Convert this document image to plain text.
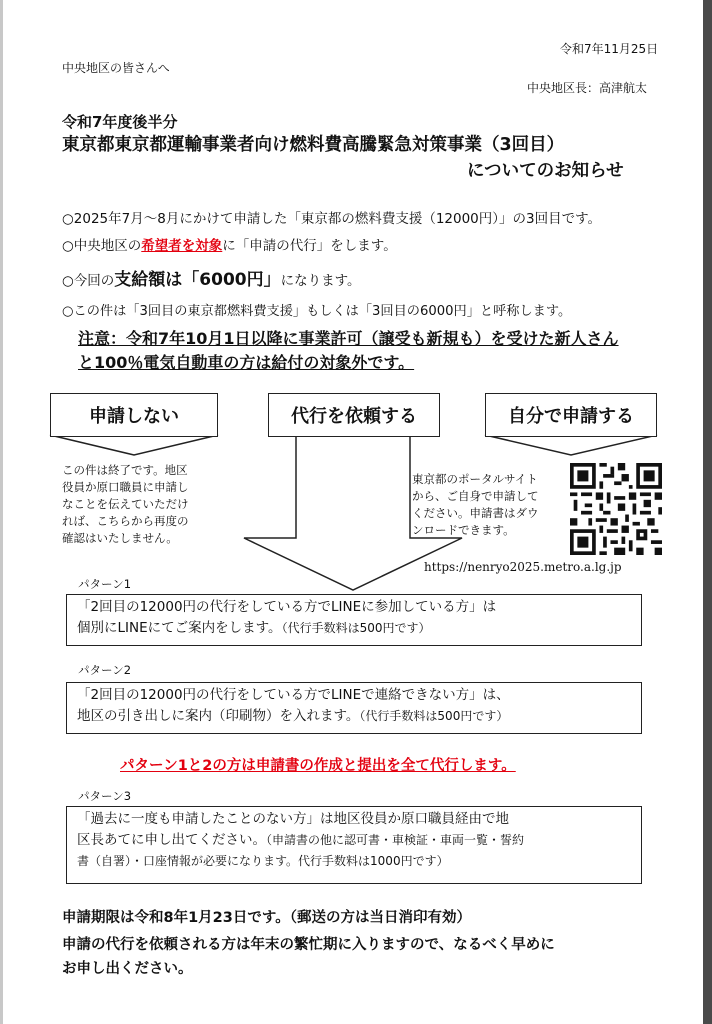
令和7年11月25日
中央地区の皆さんへ
中央地区長：高津航太
令和7年度後半分
東京都東京都運輸事業者向け燃料費高騰緊急対策事業（3回目）
についてのお知らせ
○2025年7月～8月にかけて申請した「東京都の燃料費支援（12000円）」の3回目です。
○中央地区の希望者を対象に「申請の代行」をします。
○今回の支給額は「6000円」になります。
○この件は「3回目の東京都燃料費支援」もしくは「3回目の6000円」と呼称します。
注意：令和7年10月1日以降に事業許可（譲受も新規も）を受けた新人さん
と100％電気自動車の方は給付の対象外です。
申請しない	代行を依頼する	自分で申請する
この件は終了です。地区
役員か原口職員に申請し
なことを伝えていただけ
れば、こちらから再度の
確認はいたしません。
東京都のポータルサイト
から、ご自身で申請して
ください。申請書はダウ
ンロードできます。
https://nenryo2025.metro.a.lg.jp
パターン1
「2回目の12000円の代行をしている方でLINEに参加している方」は
個別にLINEにてご案内をします。（代行手数料は500円です）
パターン2
「2回目の12000円の代行をしている方でLINEで連絡できない方」は、
地区の引き出しに案内（印刷物）を入れます。（代行手数料は500円です）
パターン1と2の方は申請書の作成と提出を全て代行します。
パターン3
「過去に一度も申請したことのない方」は地区役員か原口職員経由で地
区長あてに申し出てください。（申請書の他に認可書・車検証・車両一覧・誓約
書（自署）・口座情報が必要になります。代行手数料は1000円です）
申請期限は令和8年1月23日です。（郵送の方は当日消印有効）
申請の代行を依頼される方は年末の繁忙期に入りますので、なるべく早めに
お申し出ください。
